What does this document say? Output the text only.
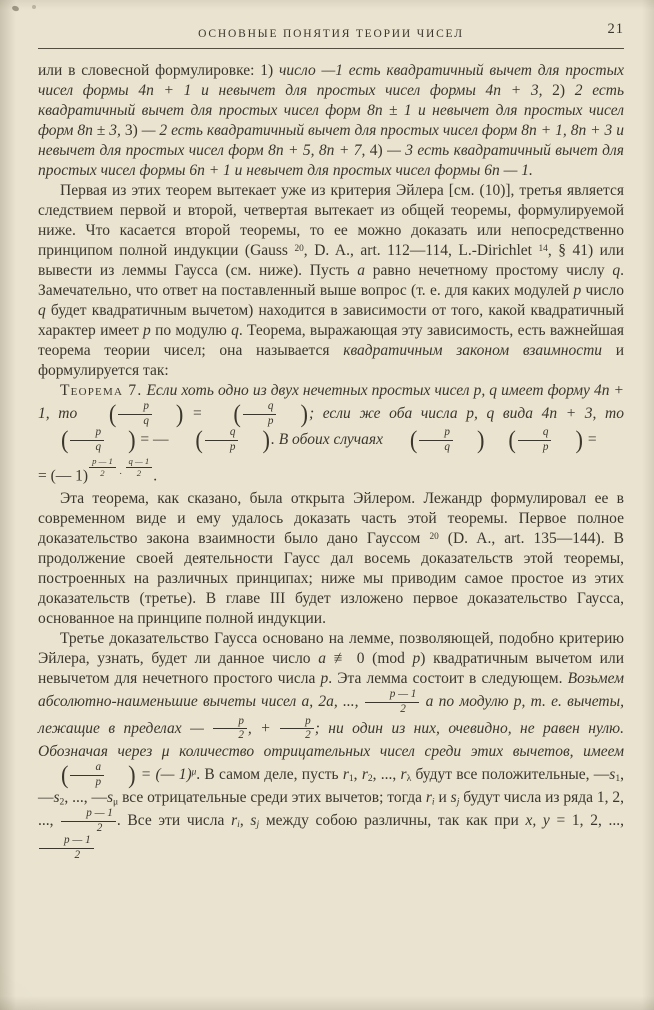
ОСНОВНЫЕ ПОНЯТИЯ ТЕОРИИ ЧИСЕЛ	21

или в словесной формулировке: 1) число —1 есть квадратичный вычет для простых чисел формы 4n + 1 и невычет для простых чисел формы 4n + 3, 2) 2 есть квадратичный вычет для простых чисел форм 8n ± 1 и невычет для простых чисел форм 8n ± 3, 3) — 2 есть квадратичный вычет для простых чисел форм 8n + 1, 8n + 3 и невычет для простых чисел форм 8n + 5, 8n + 7, 4) — 3 есть квадратичный вычет для простых чисел формы 6n + 1 и невычет для простых чисел формы 6n — 1.

Первая из этих теорем вытекает уже из критерия Эйлера [см. (10)], третья является следствием первой и второй, четвертая вытекает из общей теоремы, формулируемой ниже. Что касается второй теоремы, то ее можно доказать или непосредственно принципом полной индукции (Gauss $^{20}$, D. A., art. 112—114, L.-Dirichlet $^{14}$, § 41) или вывести из леммы Гаусса (см. ниже). Пусть a равно нечетному простому числу q. Замечательно, что ответ на поставленный выше вопрос (т. е. для каких модулей p число q будет квадратичным вычетом) находится в зависимости от того, какой квадратичный характер имеет p по модулю q. Теорема, выражающая эту зависимость, есть важнейшая теорема теории чисел; она называется квадратичным законом взаимности и формулируется так:

Теорема 7. Если хоть одно из двух нечетных простых чисел p, q имеет форму 4n + 1, то	( $\frac{p}{q}$	) =	( $\frac{q}{p}$	) ; если же оба числа p, q вида 4n + 3, то
( $\frac{p}{q}$	) = —	( $\frac{q}{p}$	) . В обоих случаях	( $\frac{p}{q}$	)	( $\frac{q}{p}$	) =

= (— $1) \frac{p — 1}{2} ^\cdot \frac{q — 1}{2}$ .

Эта теорема, как сказано, была открыта Эйлером. Лежандр формулировал ее в современном виде и ему удалось доказать часть этой теоремы. Первое полное доказательство закона взаимности было дано Гауссом $^{20}$ (D. A., art. 135—144). В продолжение своей деятельности Гаусс дал восемь доказательств этой теоремы, построенных на различных принципах; ниже мы приводим самое простое из этих доказательств (третье). В главе III будет изложено первое доказательство Гаусса, основанное на принципе полной индукции.

Третье доказательство Гаусса основано на лемме, позволяющей, подобно критерию Эйлера, узнать, будет ли данное число a ≢ 0 (mod p) квадратичным вычетом или невычетом для нечетного простого числа p. Эта лемма состоит в следующем. Возьмем абсолютно-наименьшие вычеты чисел a, 2a, ..., $\frac{p — 1}{2}$ a по модулю p, т. е. вычеты, лежащие в пределах — $\frac{p}{2}$ , + $\frac{p}{2}$ ; ни один из них, очевидно, не равен нулю. Обозначая через μ количество отрицательных чисел среди этих вычетов, имеем
( $\frac{a}{p}$	) = (— 1)$^\mu$. В самом деле, пусть $r_1$, $r_2$, ..., $r_\lambda$ будут все положительные, $—s_1$, $—s_2$, ..., $—s_\mu$ все отрицательные среди этих вычетов; тогда $r_i$ и $s_j$ будут числа из ряда 1, 2, ..., $\frac{p — 1}{2}$ . Все эти числа $r_i$, $s_j$ между собою различны, так как при x, y = 1, 2, ...,
$\frac{p — 1}{2}$
